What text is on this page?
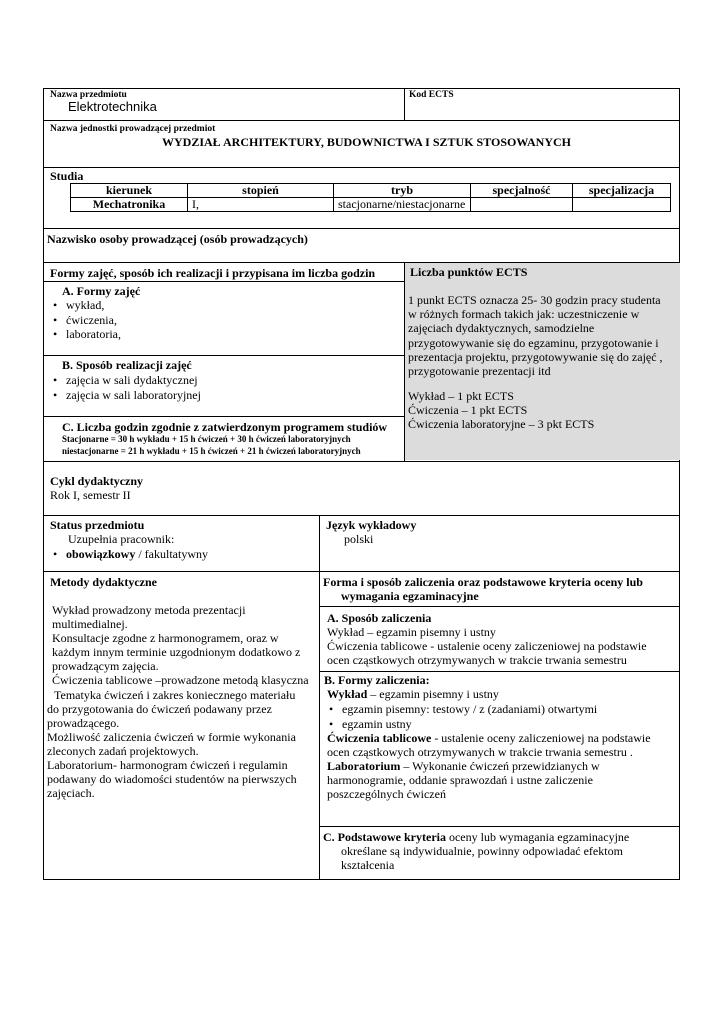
Nazwa przedmiotu
Elektrotechnika
Kod ECTS
Nazwa jednostki prowadzącej przedmiot
WYDZIAŁ ARCHITEKTURY, BUDOWNICTWA I SZTUK STOSOWANYCH
Studia
kierunek	stopień	tryb	specjalność	specjalizacja
Mechatronika	I,	stacjonarne/niestacjonarne		
Nazwisko osoby prowadzącej (osób prowadzących)
Formy zajęć, sposób ich realizacji i przypisana im liczba godzin
A. Formy zajęć
• wykład,
• ćwiczenia,
• laboratoria,
B. Sposób realizacji zajęć
• zajęcia w sali dydaktycznej
• zajęcia w sali laboratoryjnej
C. Liczba godzin zgodnie z zatwierdzonym programem studiów
Stacjonarne = 30 h wykładu + 15 h ćwiczeń + 30 h ćwiczeń laboratoryjnych
niestacjonarne = 21 h wykładu + 15 h ćwiczeń + 21 h ćwiczeń laboratoryjnych
Liczba punktów ECTS
1 punkt ECTS oznacza 25- 30 godzin pracy studenta
w różnych formach takich jak: uczestniczenie w
zajęciach dydaktycznych, samodzielne
przygotowywanie się do egzaminu, przygotowanie i
prezentacja projektu, przygotowywanie się do zajęć ,
przygotowanie prezentacji itd
Wykład – 1 pkt ECTS
Ćwiczenia – 1 pkt ECTS
Ćwiczenia laboratoryjne – 3 pkt ECTS
Cykl dydaktyczny
Rok I, semestr II
Status przedmiotu
Uzupełnia pracownik:
• obowiązkowy / fakultatywny
Język wykładowy
polski
Metody dydaktyczne
Wykład prowadzony metoda prezentacji
multimedialnej.
Konsultacje zgodne z harmonogramem, oraz w
każdym innym terminie uzgodnionym dodatkowo z
prowadzącym zajęcia.
Ćwiczenia tablicowe –prowadzone metodą klasyczna
Tematyka ćwiczeń i zakres koniecznego materiału
do przygotowania do ćwiczeń podawany przez
prowadzącego.
Możliwość zaliczenia ćwiczeń w formie wykonania
zleconych zadań projektowych.
Laboratorium- harmonogram ćwiczeń i regulamin
podawany do wiadomości studentów na pierwszych
zajęciach.
Forma i sposób zaliczenia oraz podstawowe kryteria oceny lub
wymagania egzaminacyjne
A. Sposób zaliczenia
Wykład – egzamin pisemny i ustny
Ćwiczenia tablicowe - ustalenie oceny zaliczeniowej na podstawie
ocen cząstkowych otrzymywanych w trakcie trwania semestru
B. Formy zaliczenia:
Wykład – egzamin pisemny i ustny
• egzamin pisemny: testowy / z (zadaniami) otwartymi
• egzamin ustny
Ćwiczenia tablicowe - ustalenie oceny zaliczeniowej na podstawie
ocen cząstkowych otrzymywanych w trakcie trwania semestru .
Laboratorium – Wykonanie ćwiczeń przewidzianych w
harmonogramie, oddanie sprawozdań i ustne zaliczenie
poszczególnych ćwiczeń
C. Podstawowe kryteria oceny lub wymagania egzaminacyjne
określane są indywidualnie, powinny odpowiadać efektom
kształcenia
